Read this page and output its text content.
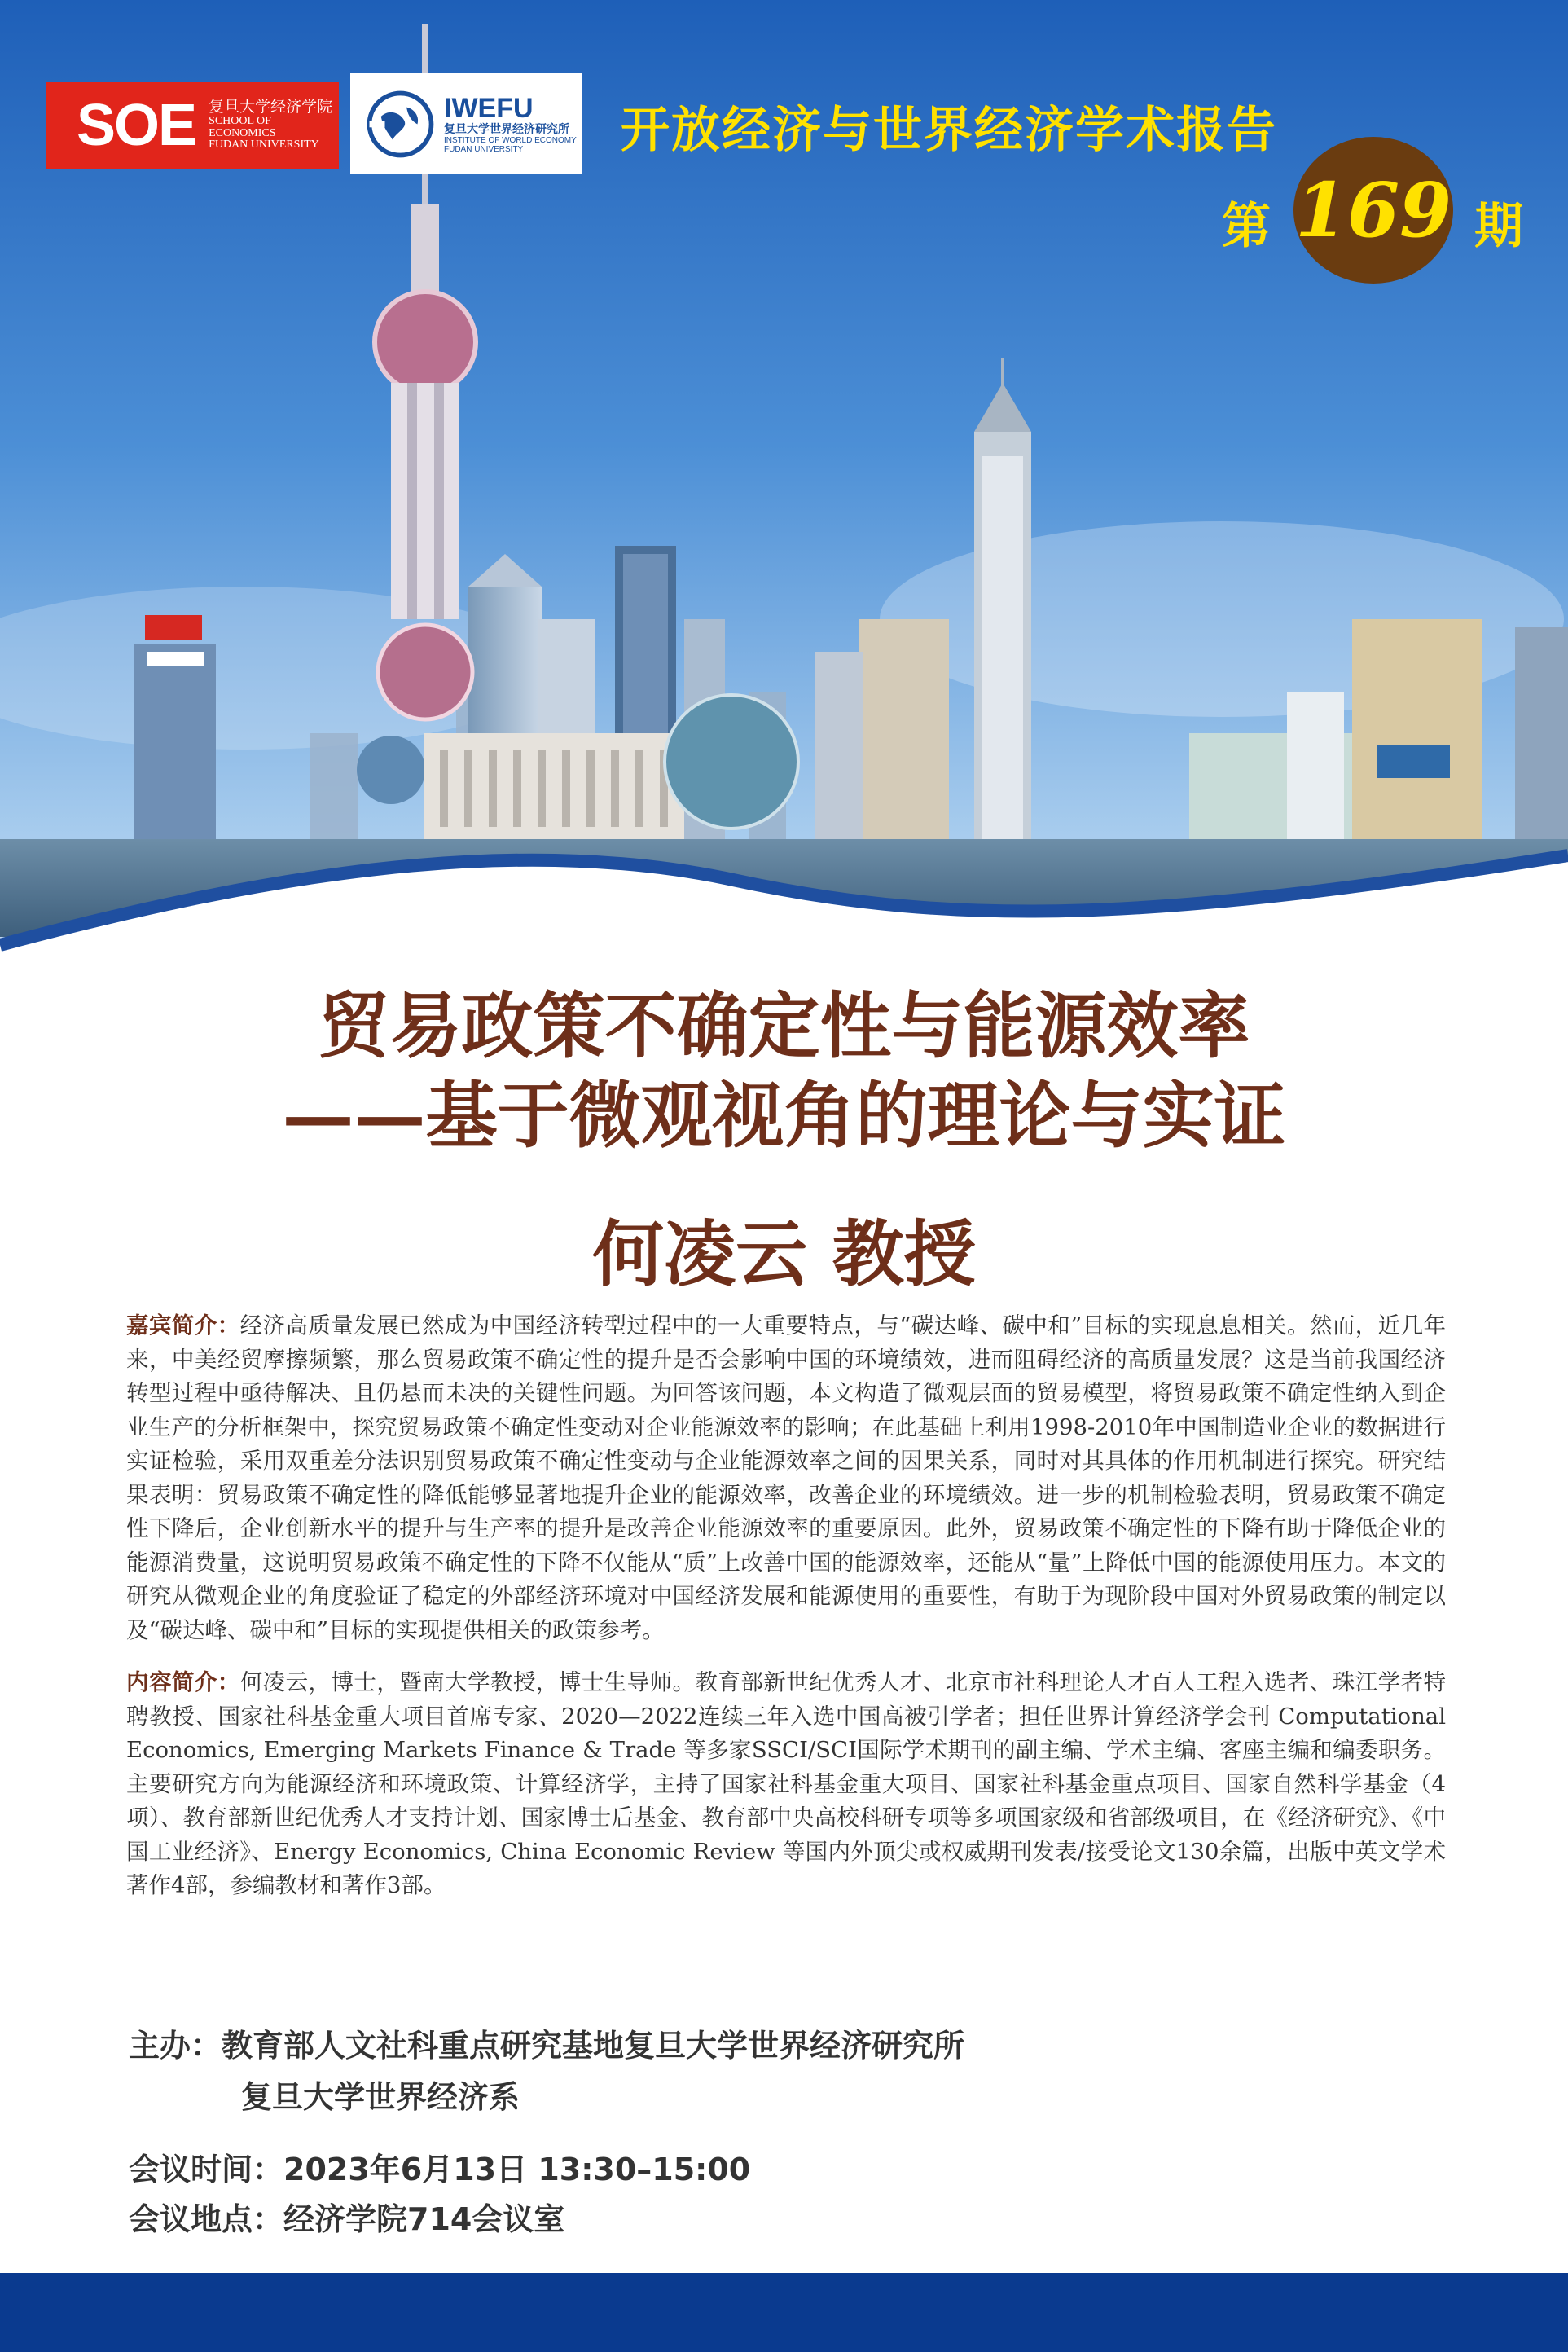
SOE 复旦大学经济学院
SCHOOL OF ECONOMICS
FUDAN UNIVERSITY
IWEFU
复旦大学世界经济研究所
INSTITUTE OF WORLD ECONOMY
FUDAN UNIVERSITY	开放经济与世界经济学术报告
第 169 期
贸易政策不确定性与能源效率
——基于微观视角的理论与实证
何凌云 教授

嘉宾简介：经济高质量发展已然成为中国经济转型过程中的一大重要特点，与“碳达峰、碳中和”目标的实现息息相关。然而，近几年来，中美经贸摩擦频繁，那么贸易政策不确定性的提升是否会影响中国的环境绩效，进而阻碍经济的高质量发展？这是当前我国经济转型过程中亟待解决、且仍悬而未决的关键性问题。为回答该问题，本文构造了微观层面的贸易模型，将贸易政策不确定性纳入到企业生产的分析框架中，探究贸易政策不确定性变动对企业能源效率的影响；在此基础上利用1998-2010年中国制造业企业的数据进行实证检验，采用双重差分法识别贸易政策不确定性变动与企业能源效率之间的因果关系，同时对其具体的作用机制进行探究。研究结果表明：贸易政策不确定性的降低能够显著地提升企业的能源效率，改善企业的环境绩效。进一步的机制检验表明，贸易政策不确定性下降后，企业创新水平的提升与生产率的提升是改善企业能源效率的重要原因。此外，贸易政策不确定性的下降有助于降低企业的能源消费量，这说明贸易政策不确定性的下降不仅能从“质”上改善中国的能源效率，还能从“量”上降低中国的能源使用压力。本文的研究从微观企业的角度验证了稳定的外部经济环境对中国经济发展和能源使用的重要性，有助于为现阶段中国对外贸易政策的制定以及“碳达峰、碳中和”目标的实现提供相关的政策参考。

内容简介：何凌云，博士，暨南大学教授，博士生导师。教育部新世纪优秀人才、北京市社科理论人才百人工程入选者、珠江学者特聘教授、国家社科基金重大项目首席专家、2020—2022连续三年入选中国高被引学者；担任世界计算经济学会刊 Computational Economics, Emerging Markets Finance & Trade 等多家SSCI/SCI国际学术期刊的副主编、学术主编、客座主编和编委职务。主要研究方向为能源经济和环境政策、计算经济学，主持了国家社科基金重大项目、国家社科基金重点项目、国家自然科学基金（4项）、教育部新世纪优秀人才支持计划、国家博士后基金、教育部中央高校科研专项等多项国家级和省部级项目，在《经济研究》、《中国工业经济》、Energy Economics, China Economic Review 等国内外顶尖或权威期刊发表/接受论文130余篇，出版中英文学术著作4部，参编教材和著作3部。

主办：教育部人文社科重点研究基地复旦大学世界经济研究所
复旦大学世界经济系
会议时间：2023年6月13日 13:30–15:00
会议地点：经济学院714会议室
